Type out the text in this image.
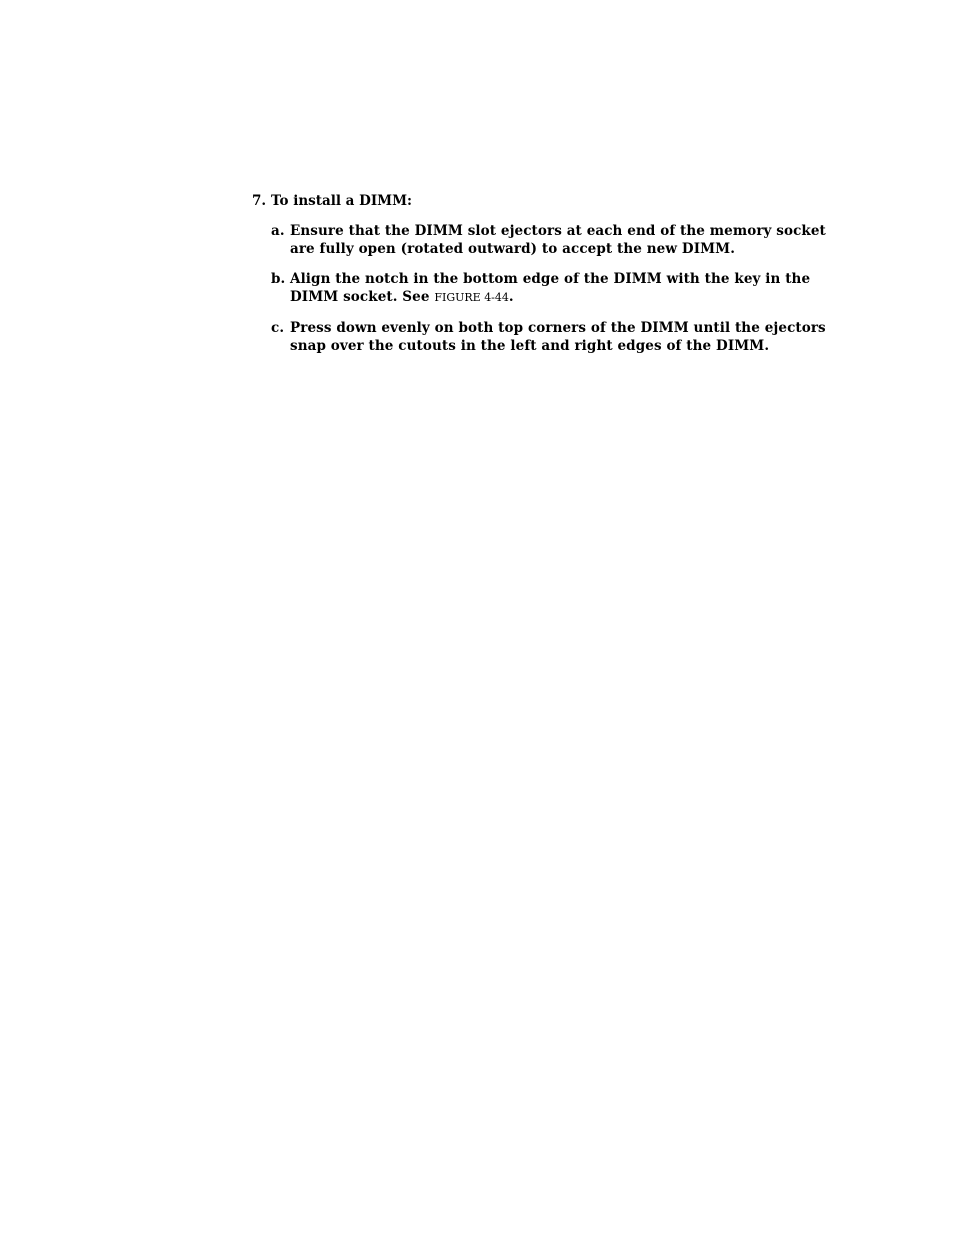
7. To install a DIMM:
a. Ensure that the DIMM slot ejectors at each end of the memory socket are fully open (rotated outward) to accept the new DIMM.
b. Align the notch in the bottom edge of the DIMM with the key in the DIMM socket. See FIGURE 4-44.
c. Press down evenly on both top corners of the DIMM until the ejectors snap over the cutouts in the left and right edges of the DIMM.
